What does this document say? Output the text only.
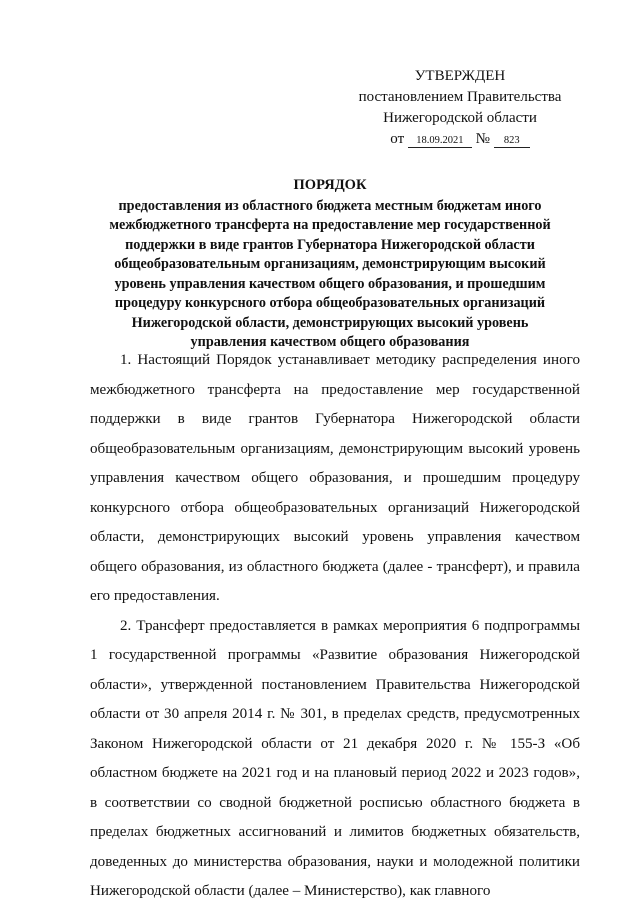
УТВЕРЖДЕН
постановлением Правительства
Нижегородской области
от 18.09.2021 № 823
ПОРЯДОК
предоставления из областного бюджета местным бюджетам иного
межбюджетного трансферта на предоставление мер государственной
поддержки в виде грантов Губернатора Нижегородской области
общеобразовательным организациям, демонстрирующим высокий
уровень управления качеством общего образования, и прошедшим
процедуру конкурсного отбора общеобразовательных организаций
Нижегородской области, демонстрирующих высокий уровень
управления качеством общего образования

1. Настоящий Порядок устанавливает методику распределения иного межбюджетного трансферта на предоставление мер государственной поддержки в виде грантов Губернатора Нижегородской области общеобразовательным организациям, демонстрирующим высокий уровень управления качеством общего образования, и прошедшим процедуру конкурсного отбора общеобразовательных организаций Нижегородской области, демонстрирующих высокий уровень управления качеством общего образования, из областного бюджета (далее - трансферт), и правила его предоставления.

2. Трансферт предоставляется в рамках мероприятия 6 подпрограммы 1 государственной программы «Развитие образования Нижегородской области», утвержденной постановлением Правительства Нижегородской области от 30 апреля 2014 г. № 301, в пределах средств, предусмотренных Законом Нижегородской области от 21 декабря 2020 г. № 155-З «Об областном бюджете на 2021 год и на плановый период 2022 и 2023 годов», в соответствии со сводной бюджетной росписью областного бюджета в пределах бюджетных ассигнований и лимитов бюджетных обязательств, доведенных до министерства образования, науки и молодежной политики Нижегородской области (далее – Министерство), как главного
